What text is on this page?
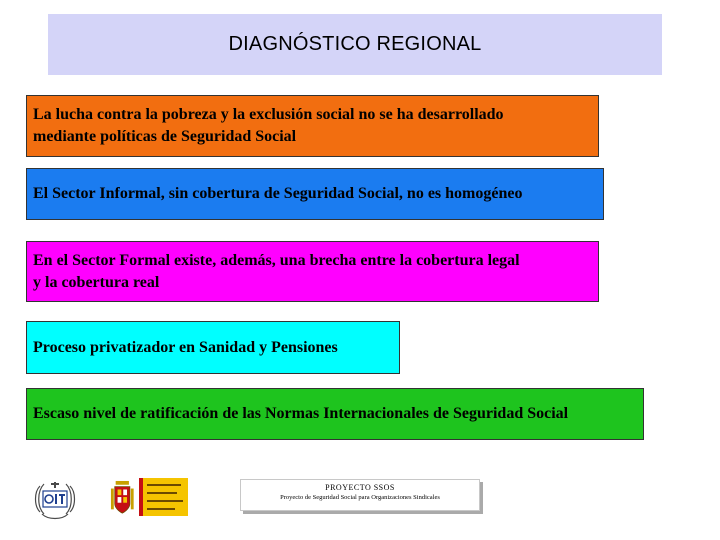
DIAGNÓSTICO REGIONAL
La lucha contra la pobreza y la exclusión social no se ha desarrollado
mediante políticas de Seguridad Social
El Sector Informal, sin cobertura de Seguridad Social, no es homogéneo
En el Sector Formal existe, además, una brecha entre la cobertura legal
y la cobertura real
Proceso privatizador en Sanidad y Pensiones
Escaso nivel de ratificación de las Normas Internacionales de Seguridad Social
PROYECTO SSOS
Proyecto de Seguridad Social para Organizaciones Sindicales
